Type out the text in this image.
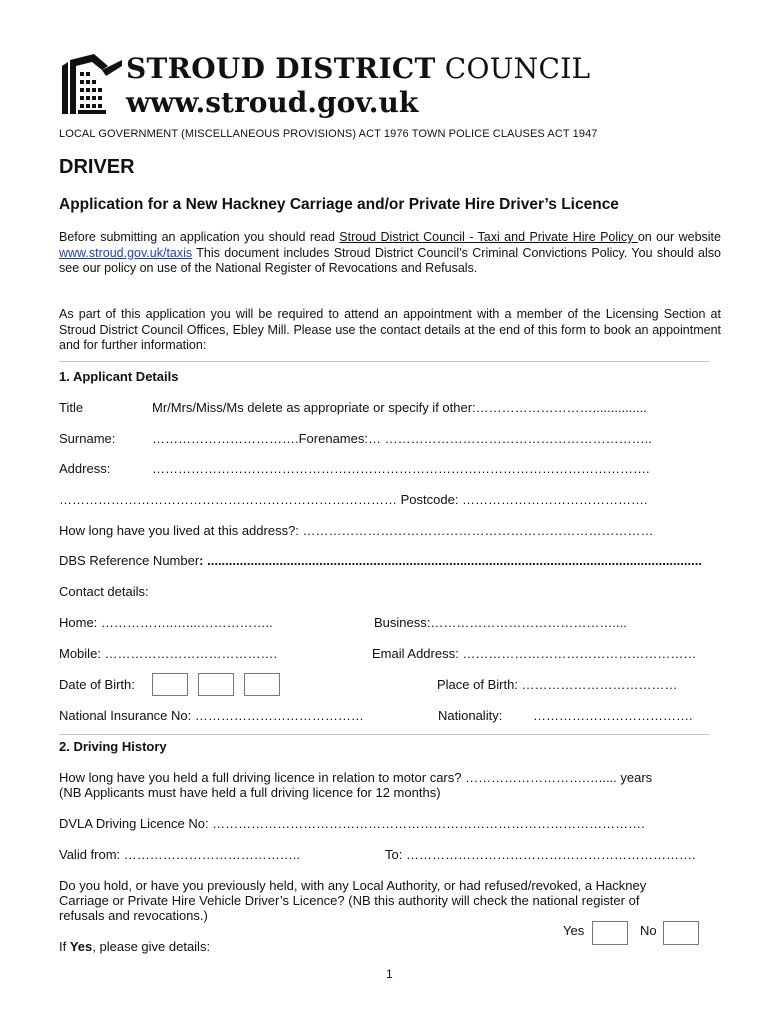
STROUD DISTRICT COUNCIL
www.stroud.gov.uk
LOCAL GOVERNMENT (MISCELLANEOUS PROVISIONS) ACT 1976 TOWN POLICE CLAUSES ACT 1947
DRIVER
Application for a New Hackney Carriage and/or Private Hire Driver’s Licence
Before submitting an application you should read Stroud District Council - Taxi and Private Hire Policy on our website www.stroud.gov.uk/taxis This document includes Stroud District Council’s Criminal Convictions Policy. You should also see our policy on use of the National Register of Revocations and Refusals.
As part of this application you will be required to attend an appointment with a member of the Licensing Section at Stroud District Council Offices, Ebley Mill. Please use the contact details at the end of this form to book an appointment and for further information:
1. Applicant Details
Title	Mr/Mrs/Miss/Ms delete as appropriate or specify if other:………………………...............
Surname:	…………………………….Forenames:… ……………………………………………………..
Address:	…………………………………………………………………………………………………….
…………………………………………………………………… Postcode: …………………………………….
How long have you lived at this address?: ………………………………………………………………………
DBS Reference Number: .........................................................................................................................................
Contact details:
Home: ……………..…....……………..	Business:……………………………………....
Mobile: ………………………………….	Email Address: ………………………………………………
Date of Birth:	Place of Birth: ………………………………
National Insurance No: …………………………………	Nationality: ……………………………….
2. Driving History
How long have you held a full driving licence in relation to motor cars? ……………………….…..... years
(NB Applicants must have held a full driving licence for 12 months)
DVLA Driving Licence No: ……………………………………………………………………………………….
Valid from: …………………………………..	To: ………………………………………………………….
Do you hold, or have you previously held, with any Local Authority, or had refused/revoked, a Hackney
Carriage or Private Hire Vehicle Driver’s Licence? (NB this authority will check the national register of
refusals and revocations.)
Yes	No
If Yes, please give details:
1
